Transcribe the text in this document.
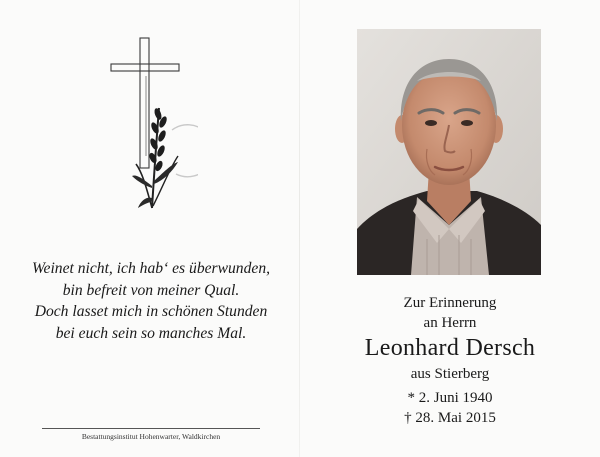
Weinet nicht, ich hab‘ es überwunden,
bin befreit von meiner Qual.
Doch lasset mich in schönen Stunden
bei euch sein so manches Mal.

Bestattungsinstitut Hohenwarter, Waldkirchen
Zur Erinnerung
an Herrn
Leonhard Dersch
aus Stierberg
* 2. Juni 1940
† 28. Mai 2015
